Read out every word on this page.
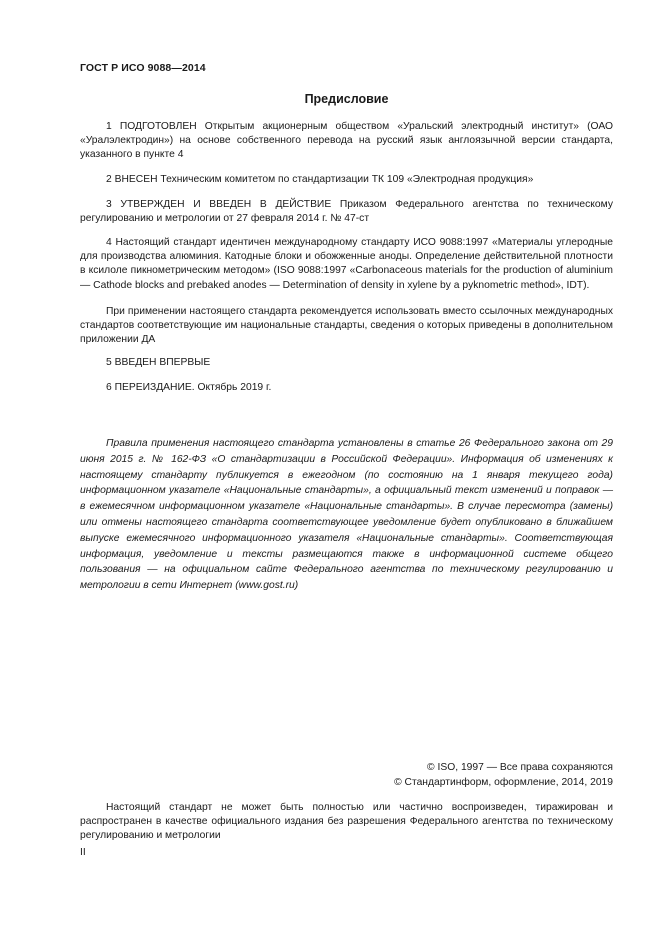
ГОСТ Р ИСО 9088—2014
Предисловие

1 ПОДГОТОВЛЕН Открытым акционерным обществом «Уральский электродный институт» (ОАО «Уралэлектродин») на основе собственного перевода на русский язык англоязычной версии стандарта, указанного в пункте 4

2 ВНЕСЕН Техническим комитетом по стандартизации ТК 109 «Электродная продукция»

3 УТВЕРЖДЕН И ВВЕДЕН В ДЕЙСТВИЕ Приказом Федерального агентства по техническому регулированию и метрологии от 27 февраля 2014 г. № 47-ст

4 Настоящий стандарт идентичен международному стандарту ИСО 9088:1997 «Материалы углеродные для производства алюминия. Катодные блоки и обожженные аноды. Определение действительной плотности в ксилоле пикнометрическим методом» (ISO 9088:1997 «Carbonaceous materials for the production of aluminium — Cathode blocks and prebaked anodes — Determination of density in xylene by a pyknometric method», IDT).

При применении настоящего стандарта рекомендуется использовать вместо ссылочных международных стандартов соответствующие им национальные стандарты, сведения о которых приведены в дополнительном приложении ДА

5 ВВЕДЕН ВПЕРВЫЕ

6 ПЕРЕИЗДАНИЕ. Октябрь 2019 г.

Правила применения настоящего стандарта установлены в статье 26 Федерального закона от 29 июня 2015 г. № 162-ФЗ «О стандартизации в Российской Федерации». Информация об изменениях к настоящему стандарту публикуется в ежегодном (по состоянию на 1 января текущего года) информационном указателе «Национальные стандарты», а официальный текст изменений и поправок — в ежемесячном информационном указателе «Национальные стандарты». В случае пересмотра (замены) или отмены настоящего стандарта соответствующее уведомление будет опубликовано в ближайшем выпуске ежемесячного информационного указателя «Национальные стандарты». Соответствующая информация, уведомление и тексты размещаются также в информационной системе общего пользования — на официальном сайте Федерального агентства по техническому регулированию и метрологии в сети Интернет (www.gost.ru)

© ISO, 1997 — Все права сохраняются
© Стандартинформ, оформление, 2014, 2019

Настоящий стандарт не может быть полностью или частично воспроизведен, тиражирован и распространен в качестве официального издания без разрешения Федерального агентства по техническому регулированию и метрологии

II
